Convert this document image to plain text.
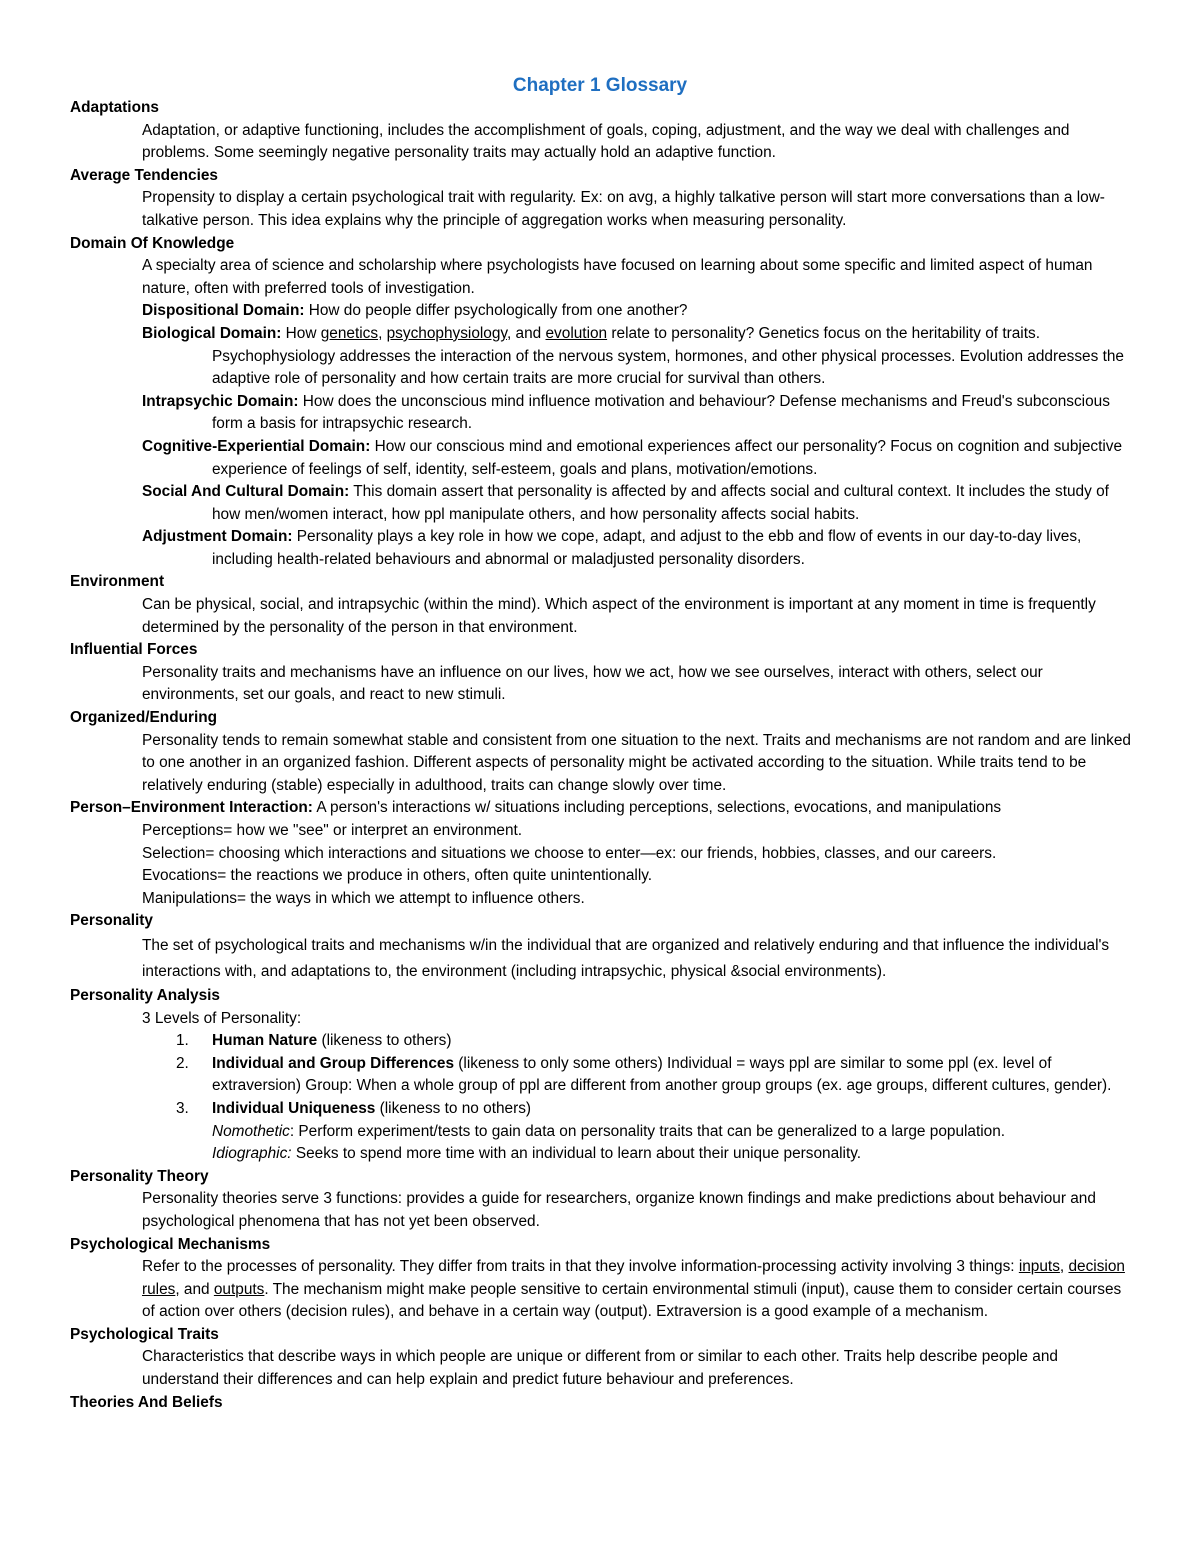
Chapter 1 Glossary
Adaptations
Adaptation, or adaptive functioning, includes the accomplishment of goals, coping, adjustment, and the way we deal with challenges and problems. Some seemingly negative personality traits may actually hold an adaptive function.
Average Tendencies
Propensity to display a certain psychological trait with regularity. Ex: on avg, a highly talkative person will start more conversations than a low-talkative person. This idea explains why the principle of aggregation works when measuring personality.
Domain Of Knowledge
A specialty area of science and scholarship where psychologists have focused on learning about some specific and limited aspect of human nature, often with preferred tools of investigation.
Dispositional Domain: How do people differ psychologically from one another?
Biological Domain: How genetics, psychophysiology, and evolution relate to personality? Genetics focus on the heritability of traits. Psychophysiology addresses the interaction of the nervous system, hormones, and other physical processes. Evolution addresses the adaptive role of personality and how certain traits are more crucial for survival than others.
Intrapsychic Domain: How does the unconscious mind influence motivation and behaviour? Defense mechanisms and Freud's subconscious form a basis for intrapsychic research.
Cognitive-Experiential Domain: How our conscious mind and emotional experiences affect our personality? Focus on cognition and subjective experience of feelings of self, identity, self-esteem, goals and plans, motivation/emotions.
Social And Cultural Domain: This domain assert that personality is affected by and affects social and cultural context. It includes the study of how men/women interact, how ppl manipulate others, and how personality affects social habits.
Adjustment Domain: Personality plays a key role in how we cope, adapt, and adjust to the ebb and flow of events in our day-to-day lives, including health-related behaviours and abnormal or maladjusted personality disorders.
Environment
Can be physical, social, and intrapsychic (within the mind). Which aspect of the environment is important at any moment in time is frequently determined by the personality of the person in that environment.
Influential Forces
Personality traits and mechanisms have an influence on our lives, how we act, how we see ourselves, interact with others, select our environments, set our goals, and react to new stimuli.
Organized/Enduring
Personality tends to remain somewhat stable and consistent from one situation to the next. Traits and mechanisms are not random and are linked to one another in an organized fashion. Different aspects of personality might be activated according to the situation. While traits tend to be relatively enduring (stable) especially in adulthood, traits can change slowly over time.
Person–Environment Interaction: A person's interactions w/ situations including perceptions, selections, evocations, and manipulations
Perceptions= how we "see" or interpret an environment.
Selection= choosing which interactions and situations we choose to enter—ex: our friends, hobbies, classes, and our careers.
Evocations= the reactions we produce in others, often quite unintentionally.
Manipulations= the ways in which we attempt to influence others.
Personality
The set of psychological traits and mechanisms w/in the individual that are organized and relatively enduring and that influence the individual's interactions with, and adaptations to, the environment (including intrapsychic, physical &social environments).
Personality Analysis
3 Levels of Personality:
1. Human Nature (likeness to others)
2. Individual and Group Differences (likeness to only some others) Individual = ways ppl are similar to some ppl (ex. level of extraversion) Group: When a whole group of ppl are different from another group groups (ex. age groups, different cultures, gender).
3. Individual Uniqueness (likeness to no others)
Nomothetic: Perform experiment/tests to gain data on personality traits that can be generalized to a large population.
Idiographic: Seeks to spend more time with an individual to learn about their unique personality.
Personality Theory
Personality theories serve 3 functions: provides a guide for researchers, organize known findings and make predictions about behaviour and psychological phenomena that has not yet been observed.
Psychological Mechanisms
Refer to the processes of personality. They differ from traits in that they involve information-processing activity involving 3 things: inputs, decision rules, and outputs. The mechanism might make people sensitive to certain environmental stimuli (input), cause them to consider certain courses of action over others (decision rules), and behave in a certain way (output). Extraversion is a good example of a mechanism.
Psychological Traits
Characteristics that describe ways in which people are unique or different from or similar to each other. Traits help describe people and understand their differences and can help explain and predict future behaviour and preferences.
Theories And Beliefs
